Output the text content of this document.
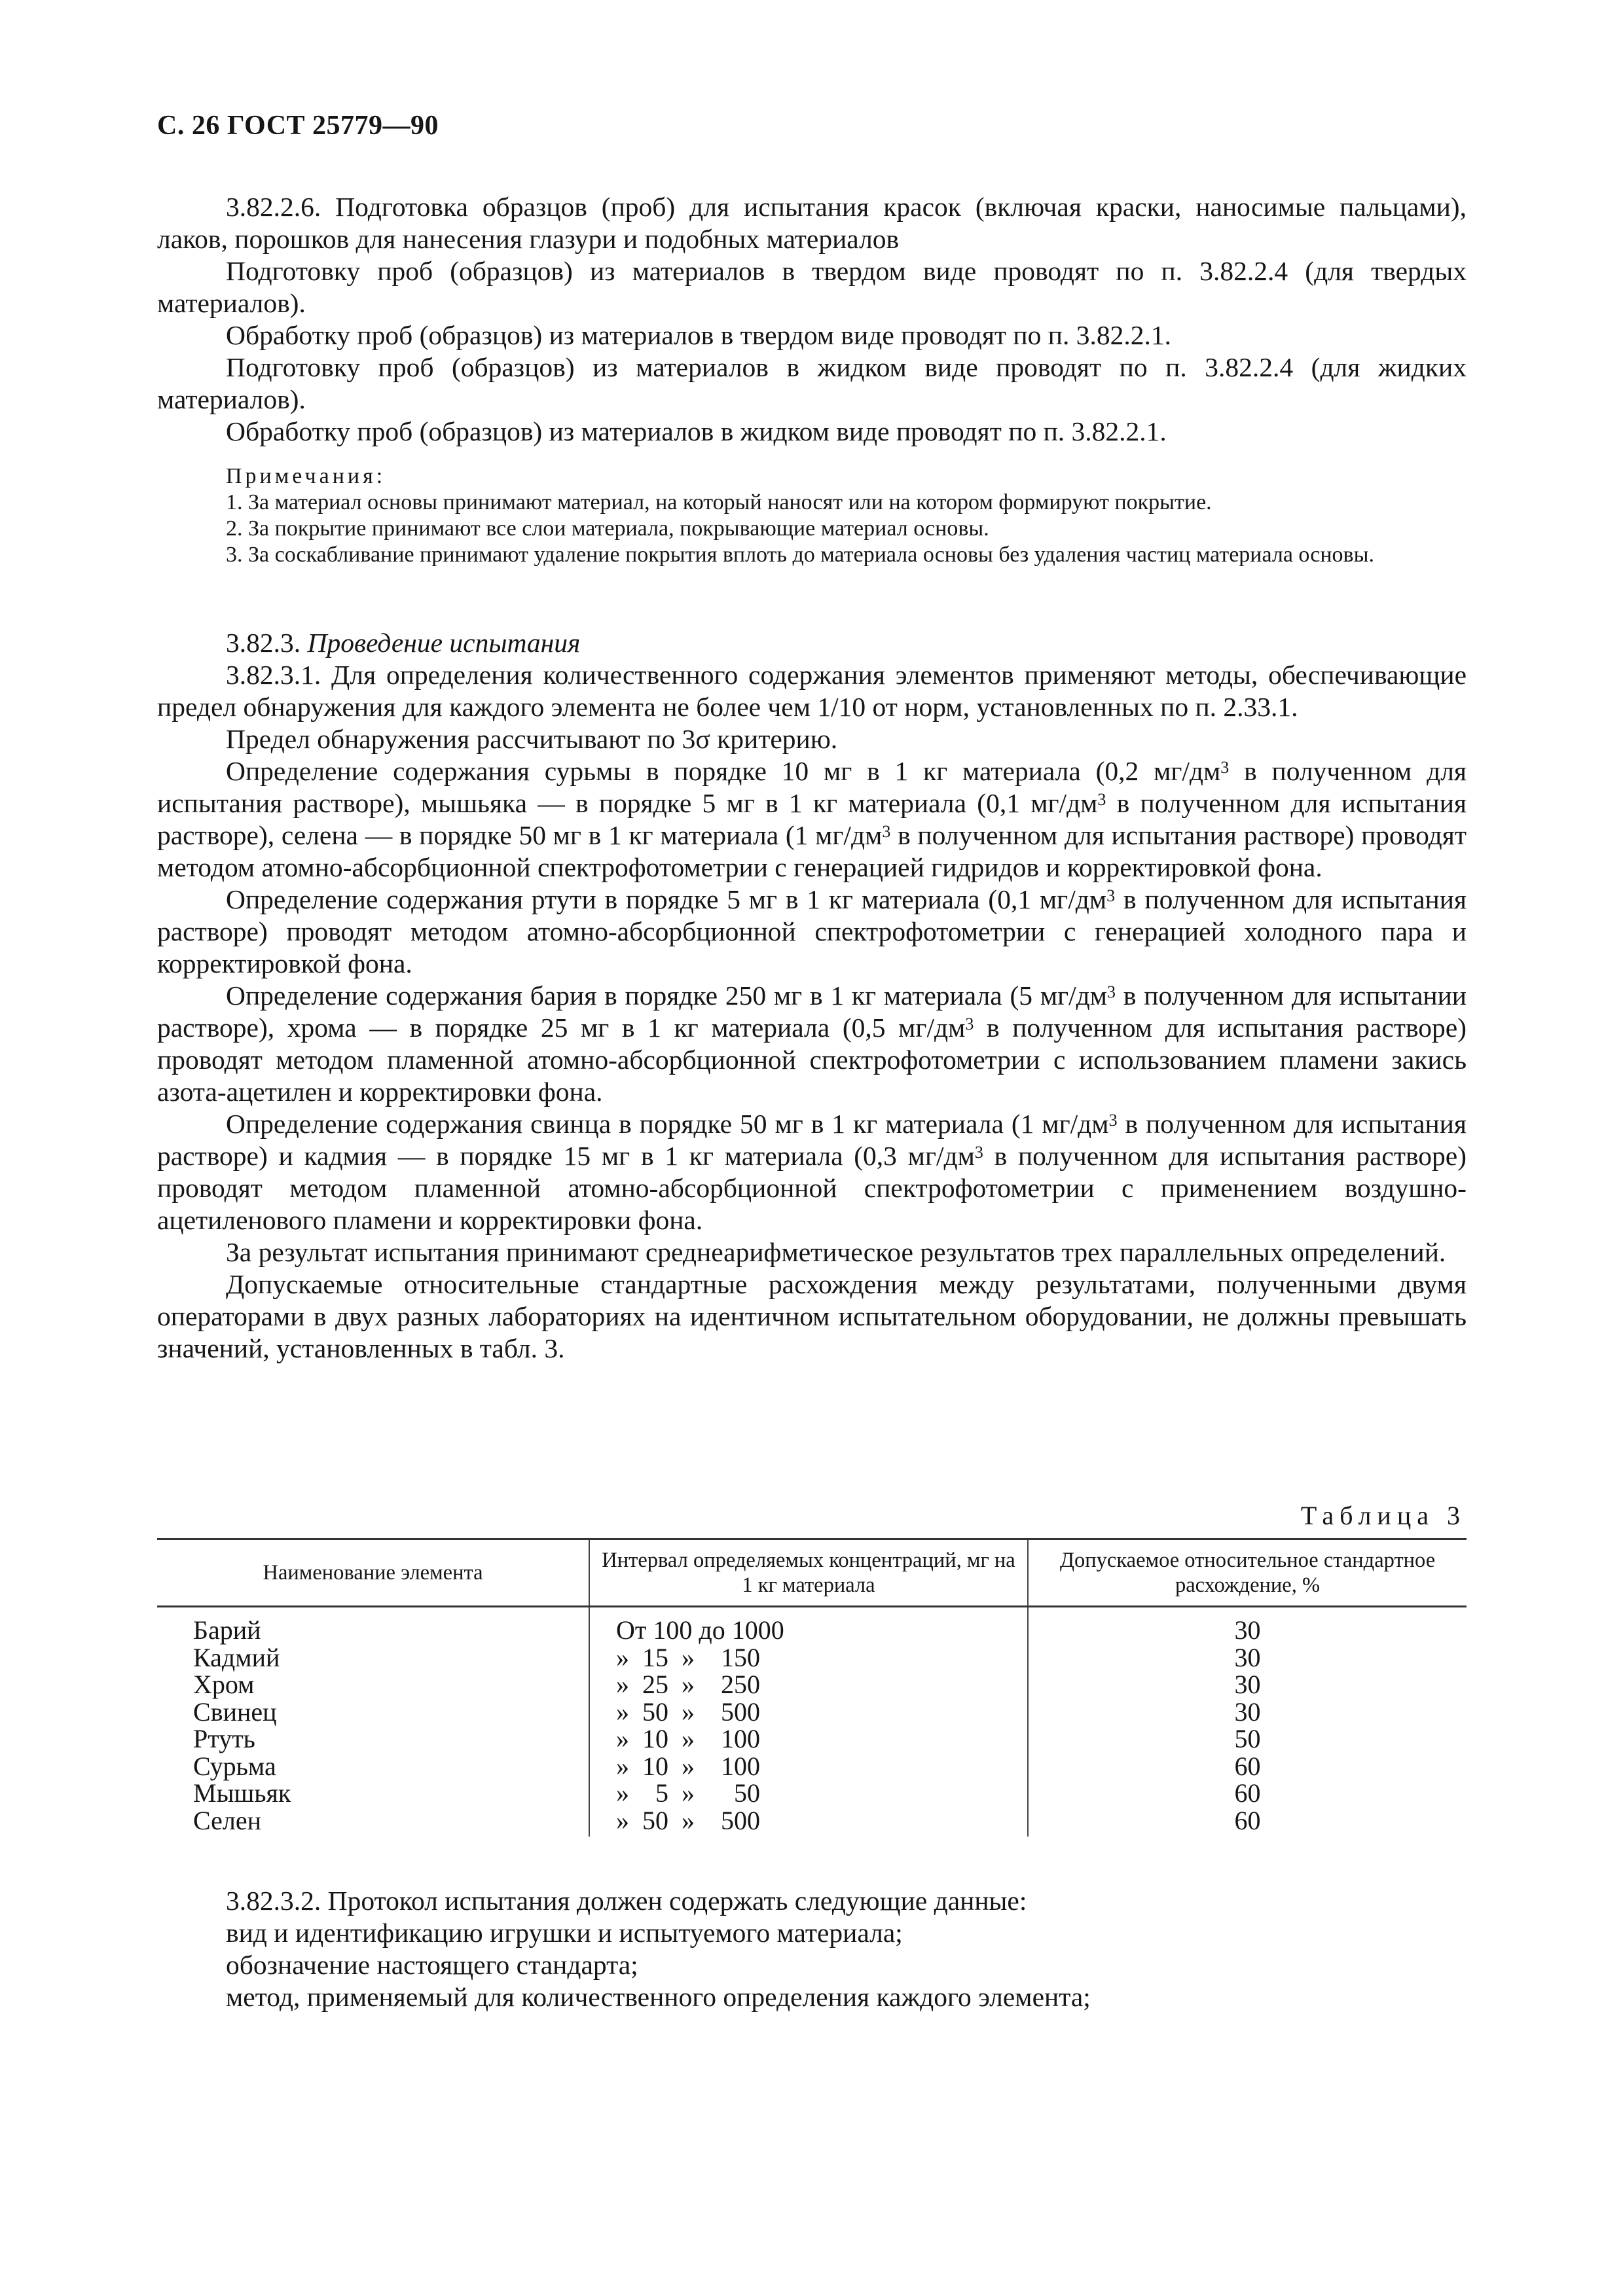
С. 26 ГОСТ 25779—90

3.82.2.6. Подготовка образцов (проб) для испытания красок (включая краски, наносимые пальцами), лаков, порошков для нанесения глазури и подобных материалов

Подготовку проб (образцов) из материалов в твердом виде проводят по п. 3.82.2.4 (для твердых материалов).

Обработку проб (образцов) из материалов в твердом виде проводят по п. 3.82.2.1.

Подготовку проб (образцов) из материалов в жидком виде проводят по п. 3.82.2.4 (для жидких материалов).

Обработку проб (образцов) из материалов в жидком виде проводят по п. 3.82.2.1.

Примечания:

1. За материал основы принимают материал, на который наносят или на котором формируют покрытие.

2. За покрытие принимают все слои материала, покрывающие материал основы.

3. За соскабливание принимают удаление покрытия вплоть до материала основы без удаления частиц материала основы.

3.82.3. Проведение испытания

3.82.3.1. Для определения количественного содержания элементов применяют методы, обеспечивающие предел обнаружения для каждого элемента не более чем 1/10 от норм, установленных по п. 2.33.1.

Предел обнаружения рассчитывают по 3σ критерию.

Определение содержания сурьмы в порядке 10 мг в 1 кг материала (0,2 $мг/дм^3$ в полученном для испытания растворе), мышьяка — в порядке 5 мг в 1 кг материала (0,1 $мг/дм^3$ в полученном для испытания растворе), селена — в порядке 50 мг в 1 кг материала (1 $мг/дм^3$ в полученном для испытания растворе) проводят методом атомно-абсорбционной спектрофотометрии с генерацией гидридов и корректировкой фона.

Определение содержания ртути в порядке 5 мг в 1 кг материала (0,1 $мг/дм^3$ в полученном для испытания растворе) проводят методом атомно-абсорбционной спектрофотометрии с генерацией холодного пара и корректировкой фона.

Определение содержания бария в порядке 250 мг в 1 кг материала (5 $мг/дм^3$ в полученном для испытании растворе), хрома — в порядке 25 мг в 1 кг материала (0,5 $мг/дм^3$ в полученном для испытания растворе) проводят методом пламенной атомно-абсорбционной спектрофотометрии с использованием пламени закись азота-ацетилен и корректировки фона.

Определение содержания свинца в порядке 50 мг в 1 кг материала (1 $мг/дм^3$ в полученном для испытания растворе) и кадмия — в порядке 15 мг в 1 кг материала (0,3 $мг/дм^3$ в полученном для испытания растворе) проводят методом пламенной атомно-абсорбционной спектрофотометрии с применением воздушно-ацетиленового пламени и корректировки фона.

За результат испытания принимают среднеарифметическое результатов трех параллельных определений.

Допускаемые относительные стандартные расхождения между результатами, полученными двумя операторами в двух разных лабораториях на идентичном испытательном оборудовании, не должны превышать значений, установленных в табл. 3.

Таблица 3
Наименование элемента	Интервал определяемых концентраций, мг на 1 кг материала	Допускаемое относительное стандартное расхождение, %
Барий	От 100 до 1000	30
Кадмий	»  15  »    150	30
Хром	»  25  »    250	30
Свинец	»  50  »    500	30
Ртуть	»  10  »    100	50
Сурьма	»  10  »    100	60
Мышьяк	»    5  »      50	60
Селен	»  50  »    500	60

3.82.3.2. Протокол испытания должен содержать следующие данные:

вид и идентификацию игрушки и испытуемого материала;

обозначение настоящего стандарта;

метод, применяемый для количественного определения каждого элемента;
